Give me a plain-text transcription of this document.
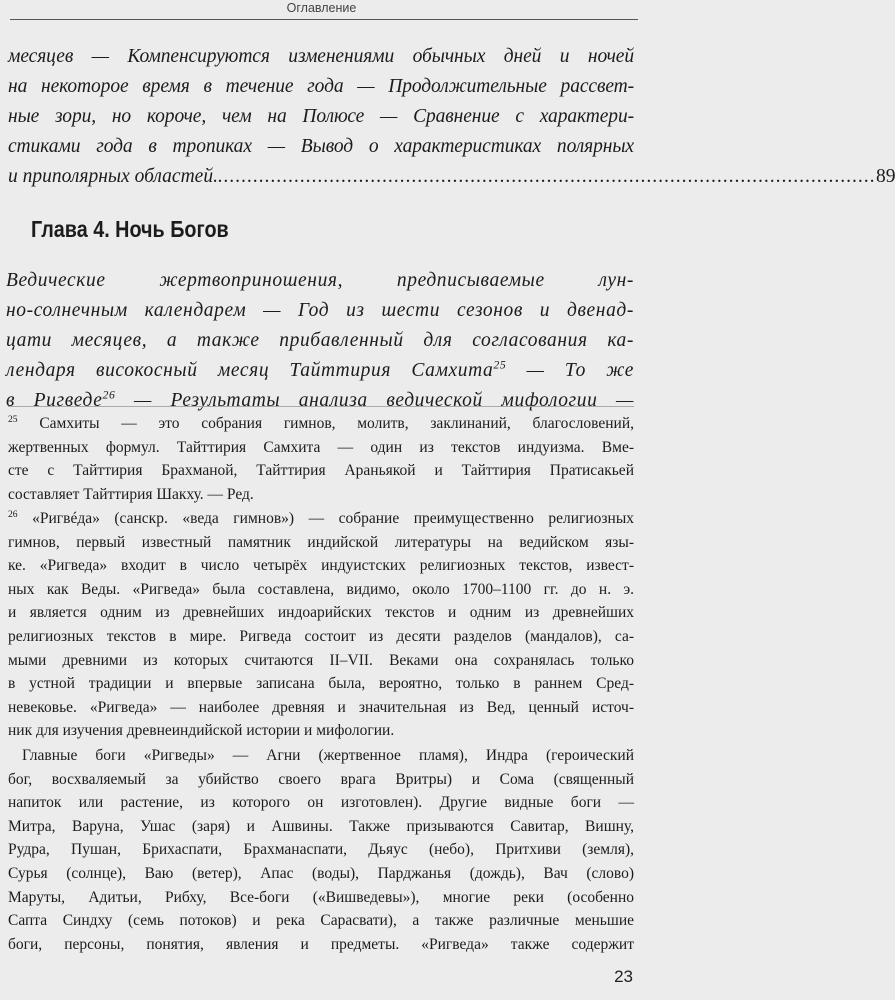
Оглавление
месяцев — Компенсируются изменениями обычных дней и ночей
на некоторое время в течение года — Продолжительные рассвет-
ные зори, но короче, чем на Полюсе — Сравнение с характери-
стиками года в тропиках — Вывод о характеристиках полярных
и приполярных областей. ................................................................................................................ 89
Глава 4. Ночь Богов
Ведические жертвоприношения, предписываемые лун-
но-солнечным календарем — Год из шести сезонов и двенад-
цати месяцев, а также прибавленный для согласования ка-
лендаря високосный месяц Тайттирия Самхита$^{25}$ — То же
в Ригведе$^{26}$ — Результаты анализа ведической мифологии —
$^{25}$ Самхиты — это собрания гимнов, молитв, заклинаний, благословений,
жертвенных формул. Тайттирия Самхита — один из текстов индуизма. Вме-
сте с Тайттирия Брахманой, Тайттирия Араньякой и Тайттирия Пратисакьей
составляет Тайттирия Шакху. — Ред.
$^{26}$ «Ригвéда» (санскр. «веда гимнов») — собрание преимущественно религиозных
гимнов, первый известный памятник индийской литературы на ведийском язы-
ке. «Ригведа» входит в число четырёх индуистских религиозных текстов, извест-
ных как Веды. «Ригведа» была составлена, видимо, около 1700–1100 гг. до н. э.
и является одним из древнейших индоарийских текстов и одним из древнейших
религиозных текстов в мире. Ригведа состоит из десяти разделов (мандалов), са-
мыми древними из которых считаются II–VII. Веками она сохранялась только
в устной традиции и впервые записана была, вероятно, только в раннем Сред-
невековье. «Ригведа» — наиболее древняя и значительная из Вед, ценный источ-
ник для изучения древнеиндийской истории и мифологии.
Главные боги «Ригведы» — Агни (жертвенное пламя), Индра (героический
бог, восхваляемый за убийство своего врага Вритры) и Сома (священный
напиток или растение, из которого он изготовлен). Другие видные боги —
Митра, Варуна, Ушас (заря) и Ашвины. Также призываются Савитар, Вишну,
Рудра, Пушан, Брихаспати, Брахманаспати, Дьяус (небо), Притхиви (земля),
Сурья (солнце), Ваю (ветер), Апас (воды), Парджанья (дождь), Вач (слово)
Маруты, Адитьи, Рибху, Все-боги («Вишведевы»), многие реки (особенно
Сапта Синдху (семь потоков) и река Сарасвати), а также различные меньшие
боги, персоны, понятия, явления и предметы. «Ригведа» также содержит
23
